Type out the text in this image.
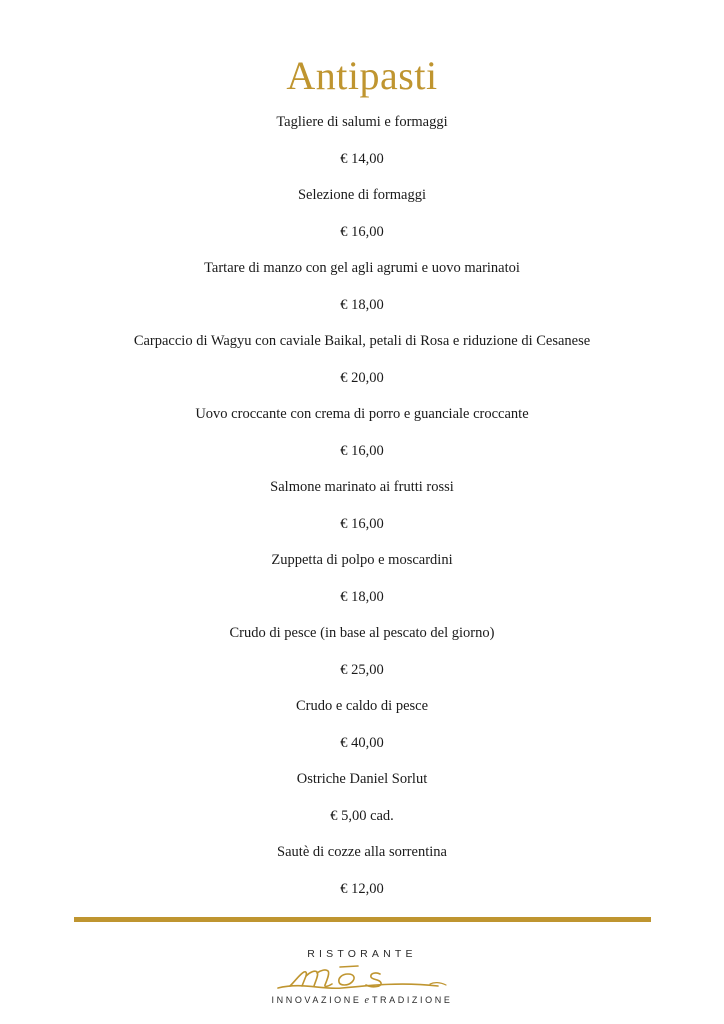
Antipasti
Tagliere di salumi e formaggi
€ 14,00
Selezione di formaggi
€ 16,00
Tartare di manzo con gel agli agrumi e uovo marinatoi
€ 18,00
Carpaccio di Wagyu con caviale Baikal, petali di Rosa e riduzione di Cesanese
€ 20,00
Uovo croccante con crema di porro e guanciale croccante
€ 16,00
Salmone marinato ai frutti rossi
€ 16,00
Zuppetta di polpo e moscardini
€ 18,00
Crudo di pesce (in base al pescato del giorno)
€ 25,00
Crudo e caldo di pesce
€ 40,00
Ostriche Daniel Sorlut
€ 5,00 cad.
Sautè di cozze alla sorrentina
€ 12,00
RISTORANTE
INNOVAZIONE e TRADIZIONE
